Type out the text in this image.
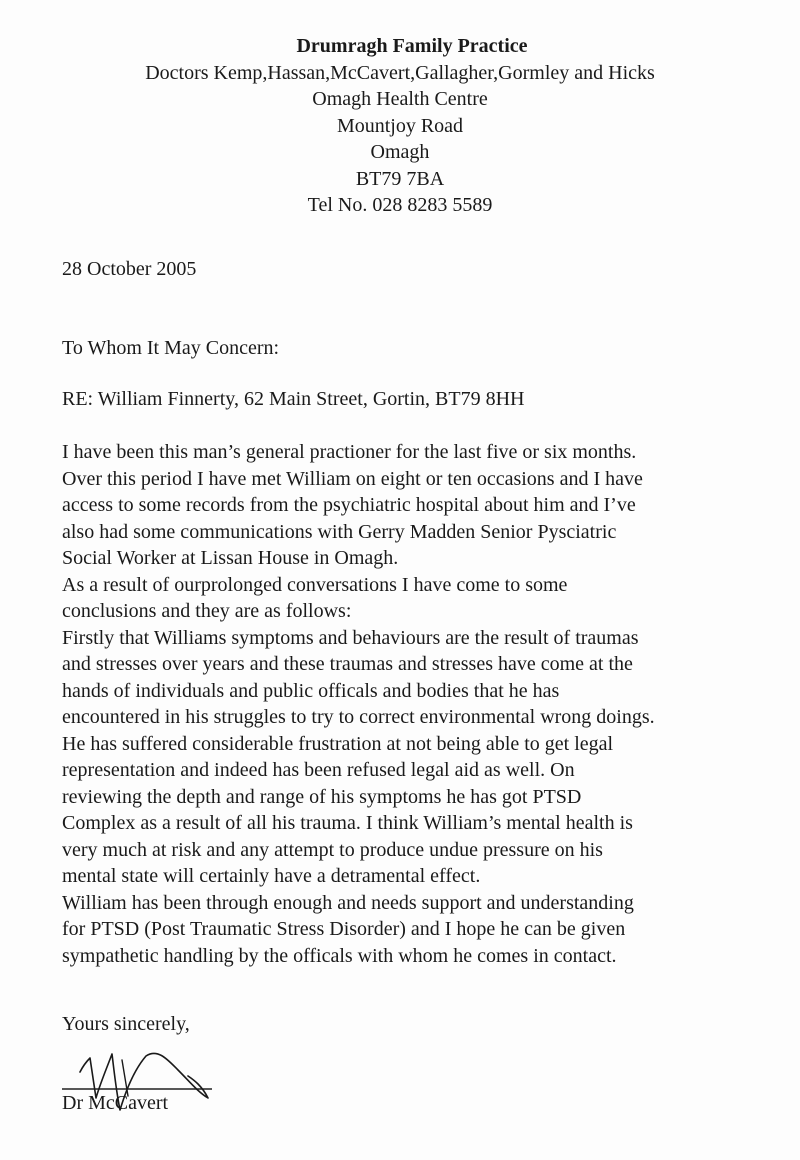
Drumragh Family Practice
Doctors Kemp,Hassan,McCavert,Gallagher,Gormley and Hicks
Omagh Health Centre
Mountjoy Road
Omagh
BT79 7BA
Tel No. 028 8283 5589
28 October 2005
To Whom It May Concern:
RE: William Finnerty, 62 Main Street, Gortin, BT79 8HH
I have been this man’s general practioner for the last five or six months.
Over this period I have met William on eight or ten occasions and I have
access to some records from the psychiatric hospital about him and I’ve
also had some communications with Gerry Madden Senior Pysciatric
Social Worker at Lissan House in Omagh.
As a result of ourprolonged conversations I have come to some
conclusions and they are as follows:
Firstly that Williams symptoms and behaviours are the result of traumas
and stresses over years and these traumas and stresses have come at the
hands of individuals and public officals and bodies that he has
encountered in his struggles to try to correct environmental wrong doings.
He has suffered considerable frustration at not being able to get legal
representation and indeed has been refused legal aid as well. On
reviewing the depth and range of his symptoms he has got PTSD
Complex as a result of all his trauma. I think William’s mental health is
very much at risk and any attempt to produce undue pressure on his
mental state will certainly have a detramental effect.
William has been through enough and needs support and understanding
for PTSD (Post Traumatic Stress Disorder) and I hope he can be given
sympathetic handling by the officals with whom he comes in contact.
Yours sincerely,
Dr McCavert
